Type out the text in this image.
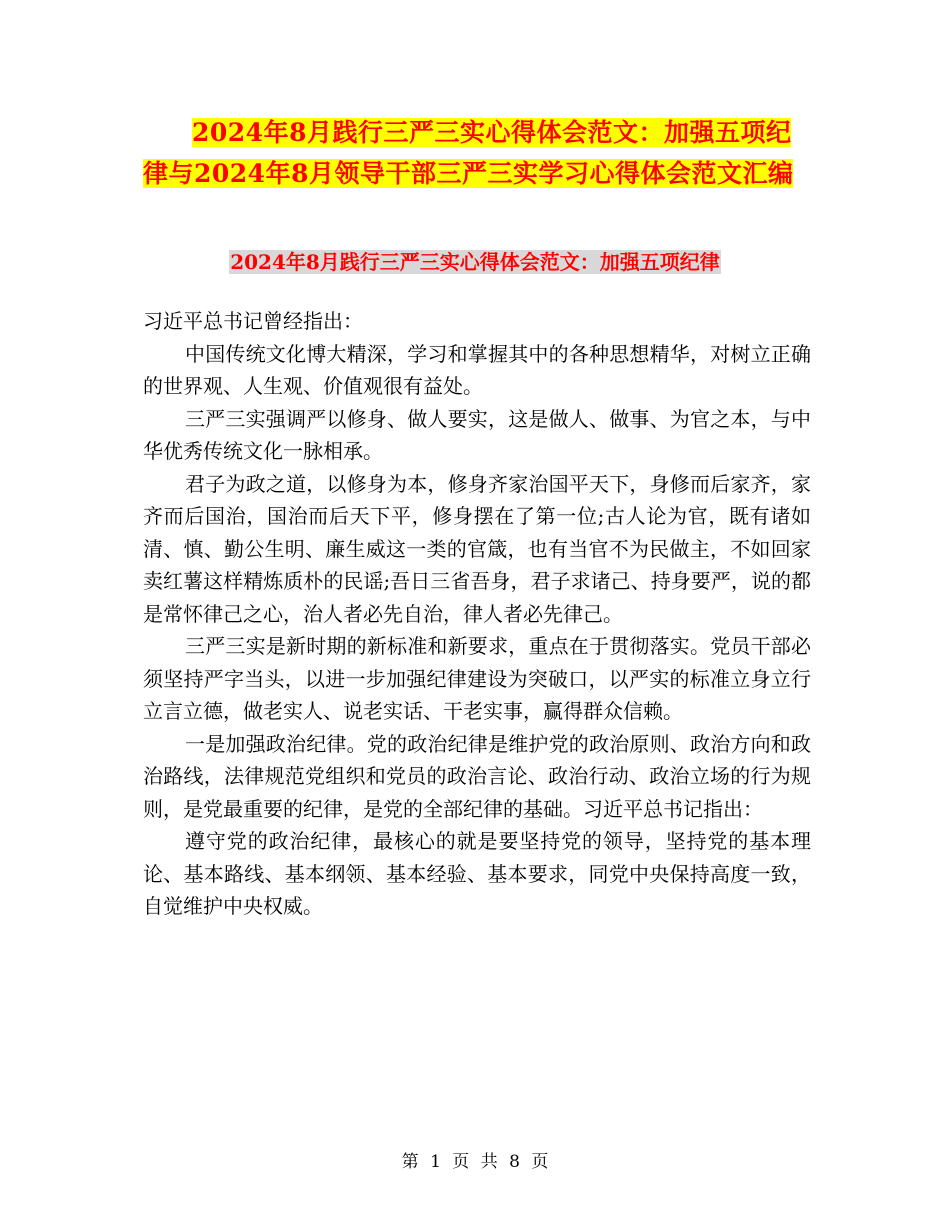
2024年8月践行三严三实心得体会范文：加强五项纪
律与2024年8月领导干部三严三实学习心得体会范文汇编
2024年8月践行三严三实心得体会范文：加强五项纪律

习近平总书记曾经指出：

中国传统文化博大精深，学习和掌握其中的各种思想精华，对树立正确的世界观、人生观、价值观很有益处。

三严三实强调严以修身、做人要实，这是做人、做事、为官之本，与中华优秀传统文化一脉相承。

君子为政之道，以修身为本，修身齐家治国平天下，身修而后家齐，家齐而后国治，国治而后天下平，修身摆在了第一位;古人论为官，既有诸如清、慎、勤公生明、廉生威这一类的官箴，也有当官不为民做主，不如回家卖红薯这样精炼质朴的民谣;吾日三省吾身，君子求诸己、持身要严，说的都是常怀律己之心，治人者必先自治，律人者必先律己。

三严三实是新时期的新标准和新要求，重点在于贯彻落实。党员干部必须坚持严字当头，以进一步加强纪律建设为突破口，以严实的标准立身立行立言立德，做老实人、说老实话、干老实事，赢得群众信赖。

一是加强政治纪律。党的政治纪律是维护党的政治原则、政治方向和政治路线，法律规范党组织和党员的政治言论、政治行动、政治立场的行为规则，是党最重要的纪律，是党的全部纪律的基础。习近平总书记指出：

遵守党的政治纪律，最核心的就是要坚持党的领导，坚持党的基本理论、基本路线、基本纲领、基本经验、基本要求，同党中央保持高度一致，自觉维护中央权威。

第 1 页 共 8 页
